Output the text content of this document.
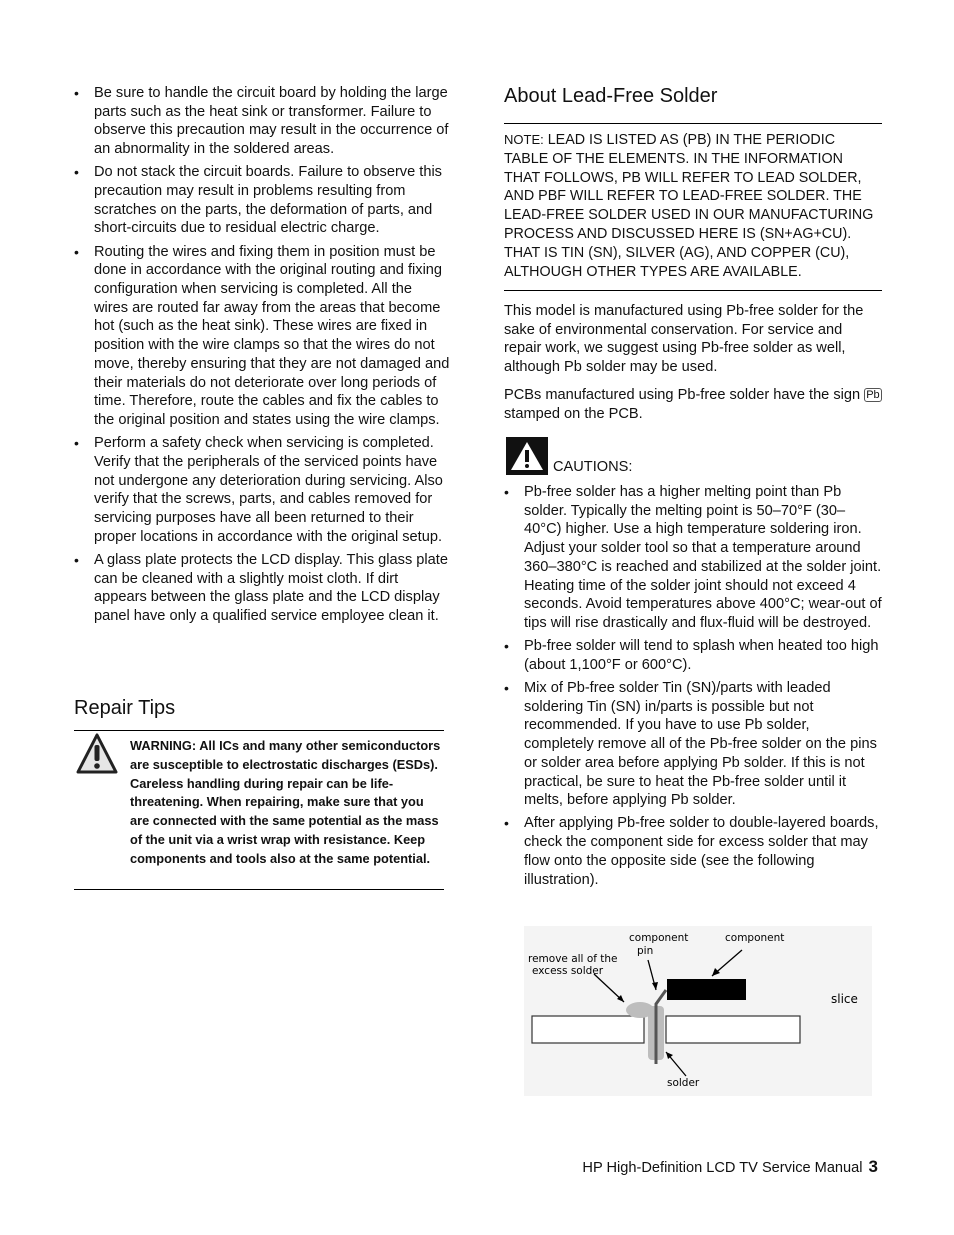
• Be sure to handle the circuit board by holding the large parts such as the heat sink or transformer. Failure to observe this precaution may result in the occurrence of an abnormality in the soldered areas.
• Do not stack the circuit boards. Failure to observe this precaution may result in problems resulting from scratches on the parts, the deformation of parts, and short-circuits due to residual electric charge.
• Routing the wires and fixing them in position must be done in accordance with the original routing and fixing configuration when servicing is completed. All the wires are routed far away from the areas that become hot (such as the heat sink). These wires are fixed in position with the wire clamps so that the wires do not move, thereby ensuring that they are not damaged and their materials do not deteriorate over long periods of time. Therefore, route the cables and fix the cables to the original position and states using the wire clamps.
• Perform a safety check when servicing is completed. Verify that the peripherals of the serviced points have not undergone any deterioration during servicing. Also verify that the screws, parts, and cables removed for servicing purposes have all been returned to their proper locations in accordance with the original setup.
• A glass plate protects the LCD display. This glass plate can be cleaned with a slightly moist cloth. If dirt appears between the glass plate and the LCD display panel have only a qualified service employee clean it.
Repair Tips
WARNING: All ICs and many other semiconductors are susceptible to electrostatic discharges (ESDs). Careless handling during repair can be life-threatening. When repairing, make sure that you are connected with the same potential as the mass of the unit via a wrist wrap with resistance. Keep components and tools also at the same potential.
About Lead-Free Solder
NOTE: LEAD IS LISTED AS (PB) IN THE PERIODIC TABLE OF THE ELEMENTS. IN THE INFORMATION THAT FOLLOWS, PB WILL REFER TO LEAD SOLDER, AND PBF WILL REFER TO LEAD-FREE SOLDER. THE LEAD-FREE SOLDER USED IN OUR MANUFACTURING PROCESS AND DISCUSSED HERE IS (SN+AG+CU). THAT IS TIN (SN), SILVER (AG), AND COPPER (CU), ALTHOUGH OTHER TYPES ARE AVAILABLE.

This model is manufactured using Pb-free solder for the sake of environmental conservation. For service and repair work, we suggest using Pb-free solder as well, although Pb solder may be used.

PCBs manufactured using Pb-free solder have the sign Pb stamped on the PCB.

CAUTIONS:
• Pb-free solder has a higher melting point than Pb solder. Typically the melting point is 50–70°F (30–40°C) higher. Use a high temperature soldering iron. Adjust your solder tool so that a temperature around 360–380°C is reached and stabilized at the solder joint. Heating time of the solder joint should not exceed 4 seconds. Avoid temperatures above 400°C; wear-out of tips will rise drastically and flux-fluid will be destroyed.
• Pb-free solder will tend to splash when heated too high (about 1,100°F or 600°C).
• Mix of Pb-free solder Tin (SN)/parts with leaded soldering Tin (SN) in/parts is possible but not recommended. If you have to use Pb solder, completely remove all of the Pb-free solder on the pins or solder area before applying Pb solder. If this is not practical, be sure to heat the Pb-free solder until it melts, before applying Pb solder.
• After applying Pb-free solder to double-layered boards, check the component side for excess solder that may flow onto the opposite side (see the following illustration).
remove all of the
excess solder
component
pin
component
slice
solder
HP High-Definition LCD TV Service Manual 3
